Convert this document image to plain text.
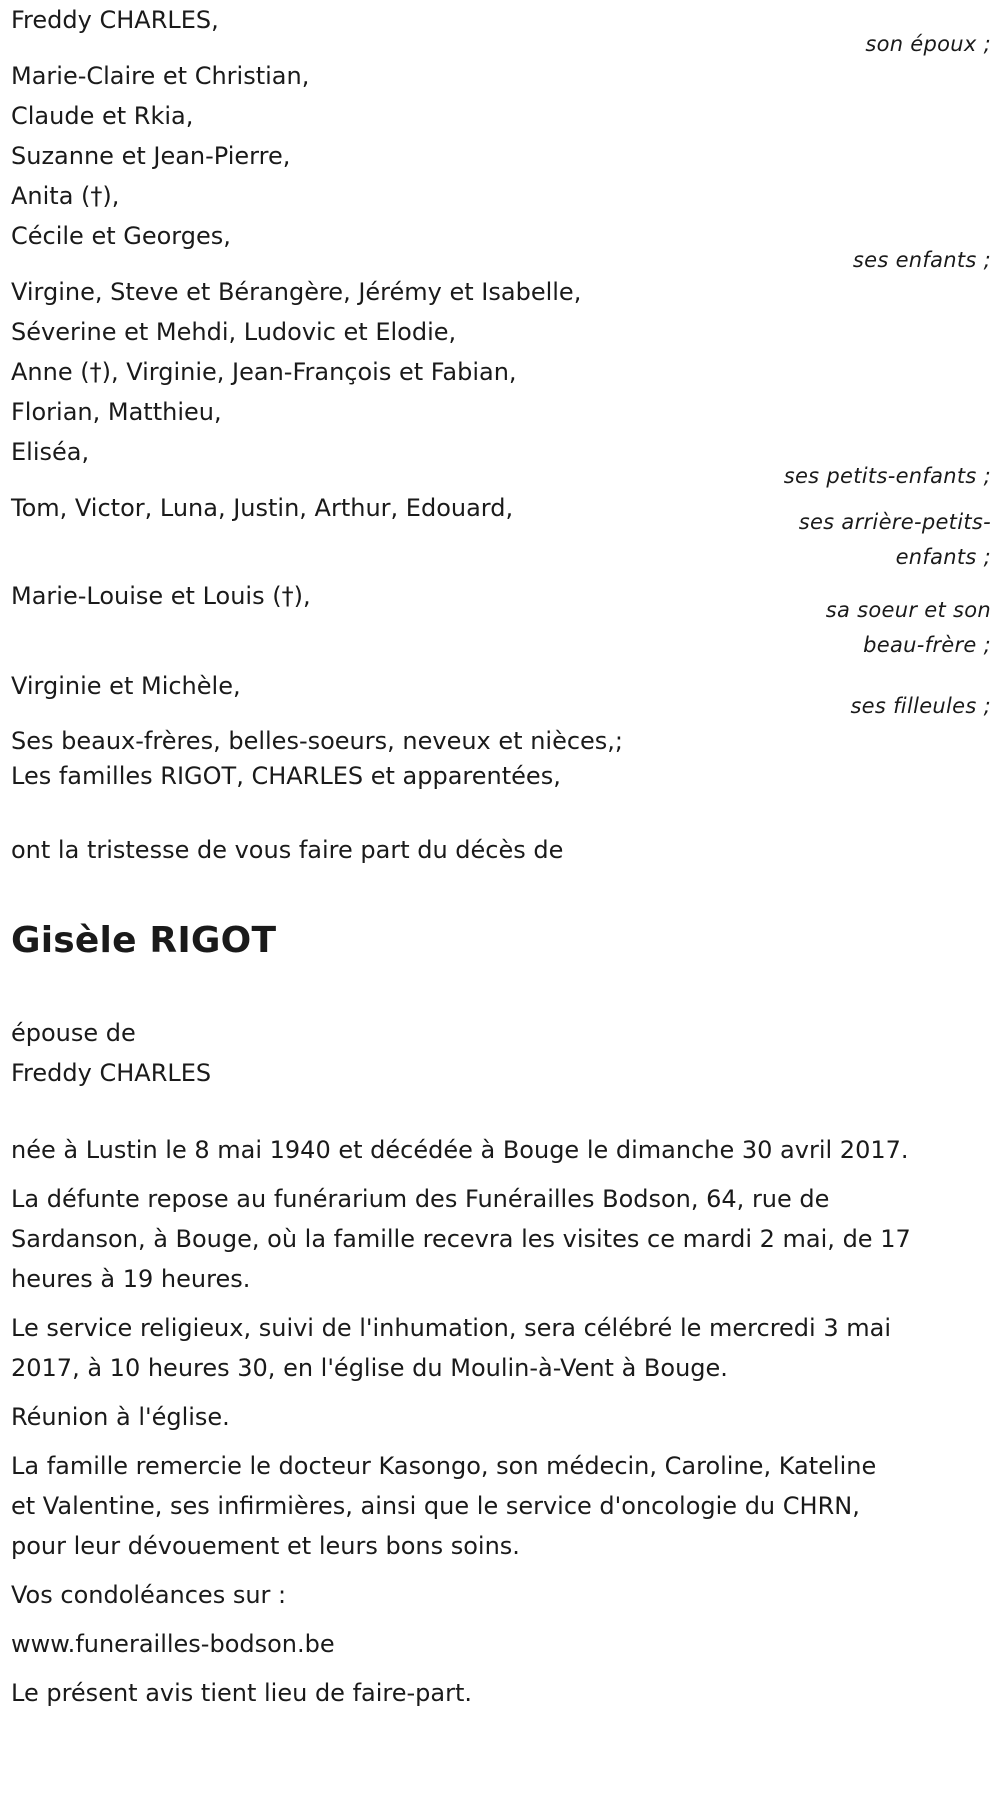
Freddy CHARLES,
son époux ;
Marie-Claire et Christian,
Claude et Rkia,
Suzanne et Jean-Pierre,
Anita (†),
Cécile et Georges,
ses enfants ;
Virgine, Steve et Bérangère, Jérémy et Isabelle,
Séverine et Mehdi, Ludovic et Elodie,
Anne (†), Virginie, Jean-François et Fabian,
Florian, Matthieu,
Eliséa,
ses petits-enfants ;
Tom, Victor, Luna, Justin, Arthur, Edouard,	ses arrière-petits-
enfants ;
Marie-Louise et Louis (†),	sa soeur et son
beau-frère ;
Virginie et Michèle,
ses filleules ;
Ses beaux-frères, belles-soeurs, neveux et nièces,;
Les familles RIGOT, CHARLES et apparentées,
ont la tristesse de vous faire part du décès de
Gisèle RIGOT
épouse de
Freddy CHARLES

née à Lustin le 8 mai 1940 et décédée à Bouge le dimanche 30 avril 2017.

La défunte repose au funérarium des Funérailles Bodson, 64, rue de
Sardanson, à Bouge, où la famille recevra les visites ce mardi 2 mai, de 17
heures à 19 heures.

Le service religieux, suivi de l'inhumation, sera célébré le mercredi 3 mai
2017, à 10 heures 30, en l'église du Moulin-à-Vent à Bouge.

Réunion à l'église.

La famille remercie le docteur Kasongo, son médecin, Caroline, Kateline
et Valentine, ses infirmières, ainsi que le service d'oncologie du CHRN,
pour leur dévouement et leurs bons soins.

Vos condoléances sur :

www.funerailles-bodson.be

Le présent avis tient lieu de faire-part.
